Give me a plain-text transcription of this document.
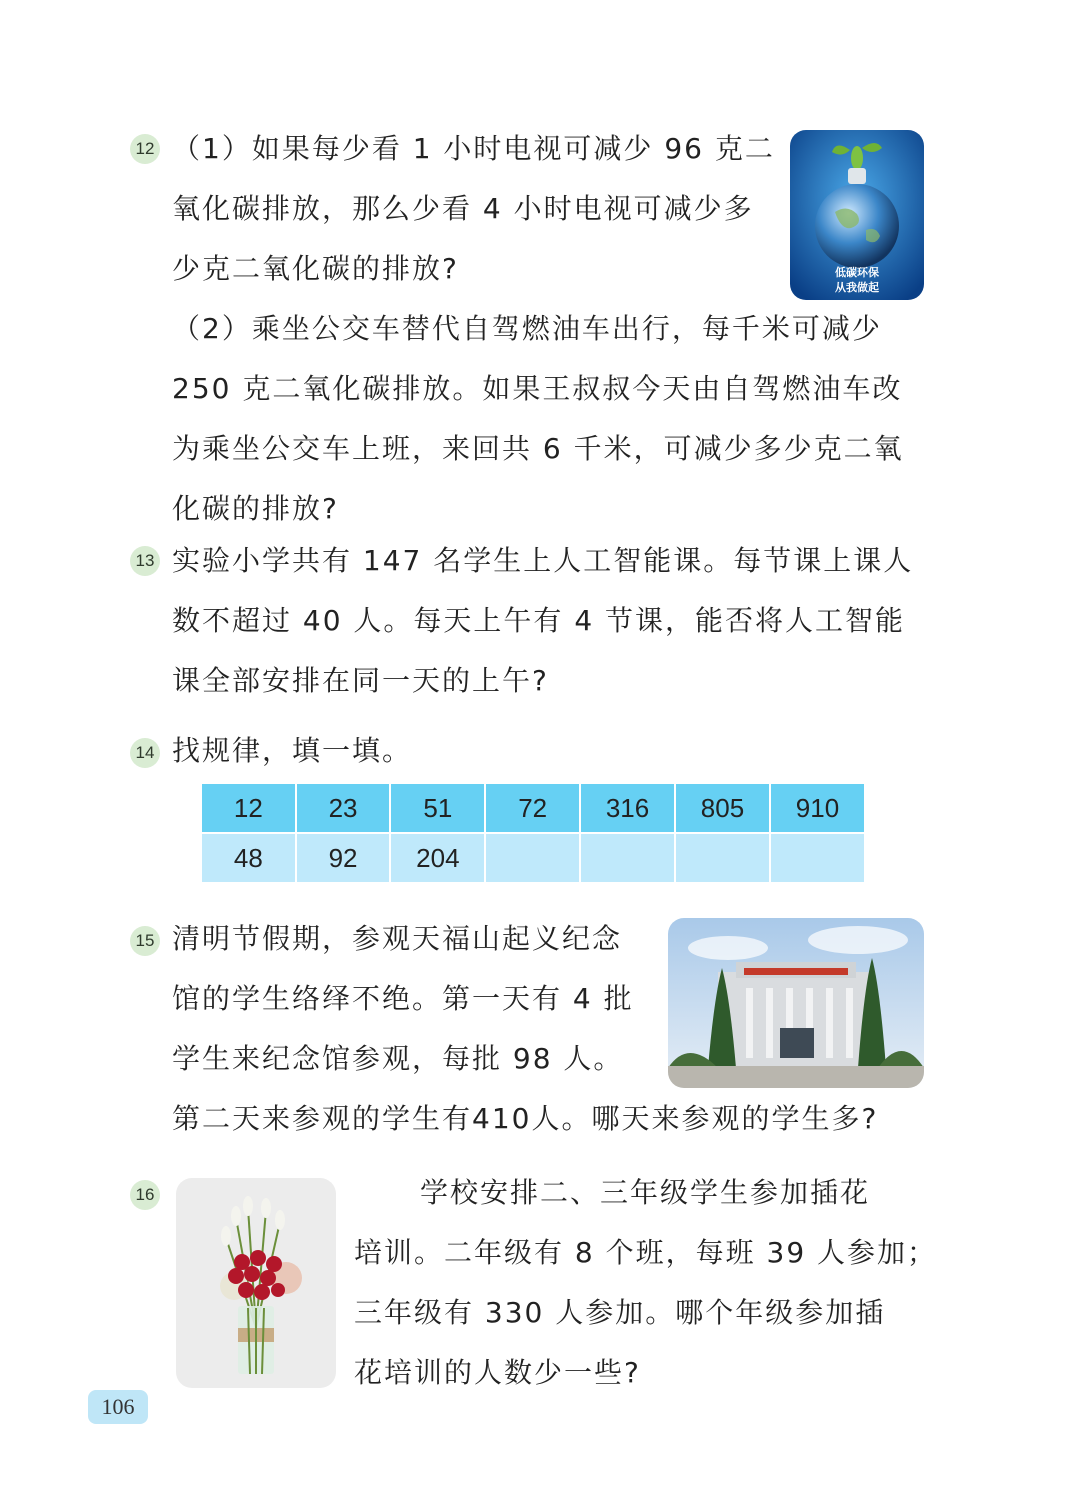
12 （1）如果每少看 1 小时电视可减少 96 克二
氧化碳排放，那么少看 4 小时电视可减少多
少克二氧化碳的排放?
（2）乘坐公交车替代自驾燃油车出行，每千米可减少
250 克二氧化碳排放。如果王叔叔今天由自驾燃油车改
为乘坐公交车上班，来回共 6 千米，可减少多少克二氧
化碳的排放?
低碳环保
从我做起
13 实验小学共有 147 名学生上人工智能课。每节课上课人
数不超过 40 人。每天上午有 4 节课，能否将人工智能
课全部安排在同一天的上午?
14 找规律，填一填。
12	23	51	72	316	805	910
48	92	204				
15 清明节假期，参观天福山起义纪念
馆的学生络绎不绝。第一天有 4 批
学生来纪念馆参观，每批 98 人。
第二天来参观的学生有410人。哪天来参观的学生多?
16	学校安排二、三年级学生参加插花
培训。二年级有 8 个班，每班 39 人参加；
三年级有 330 人参加。哪个年级参加插
花培训的人数少一些?
106
